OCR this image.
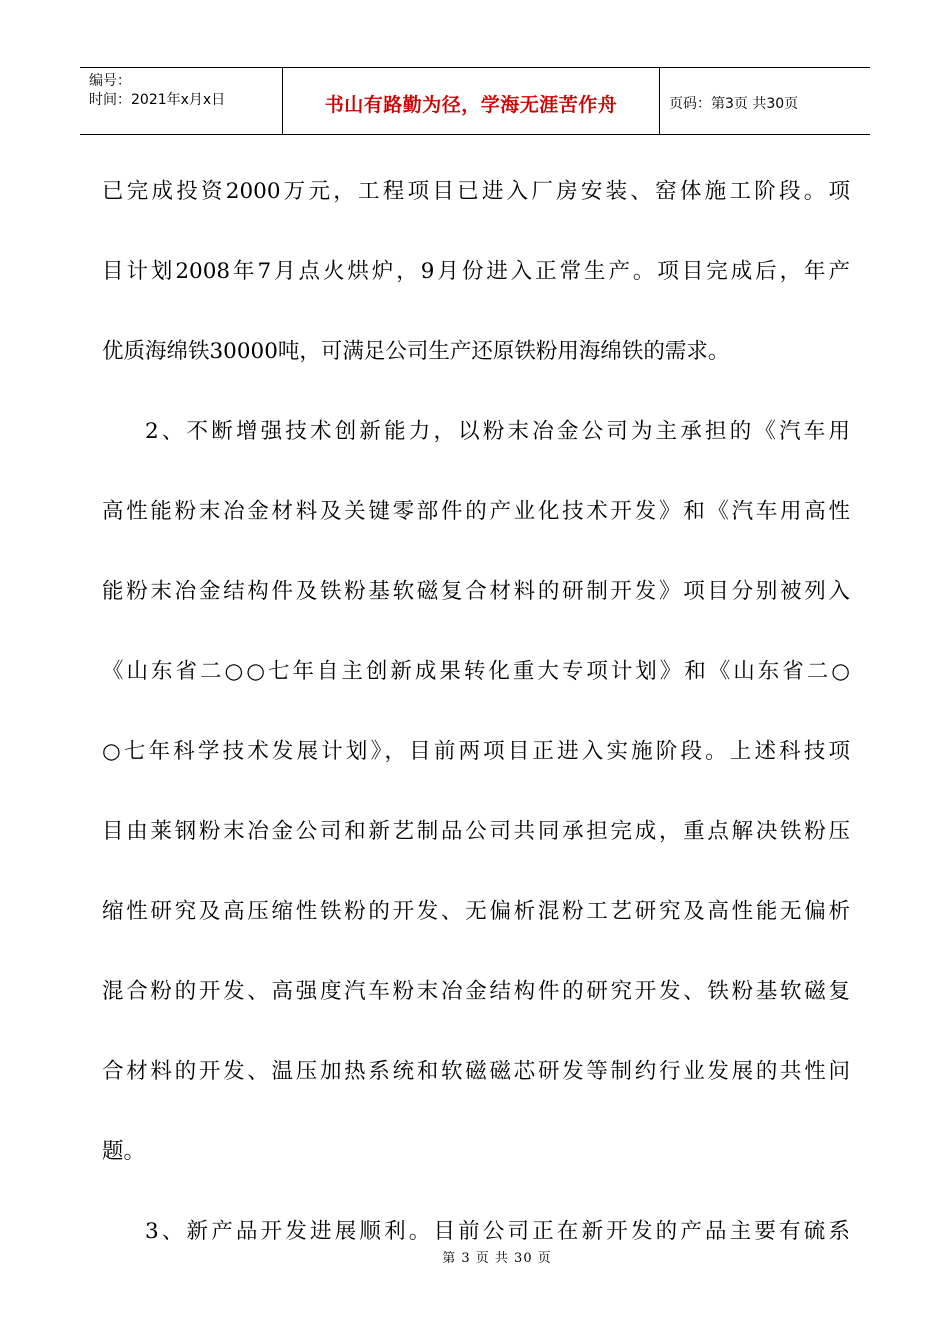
编号：
时间：2021年x月x日	书山有路勤为径，学海无涯苦作舟	页码：第3页 共30页
已完成投资2000万元，工程项目已进入厂房安装、窑体施工阶段。项
目计划2008年7月点火烘炉，9月份进入正常生产。项目完成后，年产
优质海绵铁30000吨，可满足公司生产还原铁粉用海绵铁的需求。
2、不断增强技术创新能力，以粉末冶金公司为主承担的《汽车用
高性能粉末冶金材料及关键零部件的产业化技术开发》和《汽车用高性
能粉末冶金结构件及铁粉基软磁复合材料的研制开发》项目分别被列入
《山东省二○○七年自主创新成果转化重大专项计划》和《山东省二○
○七年科学技术发展计划》，目前两项目正进入实施阶段。上述科技项
目由莱钢粉末冶金公司和新艺制品公司共同承担完成，重点解决铁粉压
缩性研究及高压缩性铁粉的开发、无偏析混粉工艺研究及高性能无偏析
混合粉的开发、高强度汽车粉末冶金结构件的研究开发、铁粉基软磁复
合材料的开发、温压加热系统和软磁磁芯研发等制约行业发展的共性问
题。
3、新产品开发进展顺利。目前公司正在新开发的产品主要有硫系
第 3 页 共 30 页
